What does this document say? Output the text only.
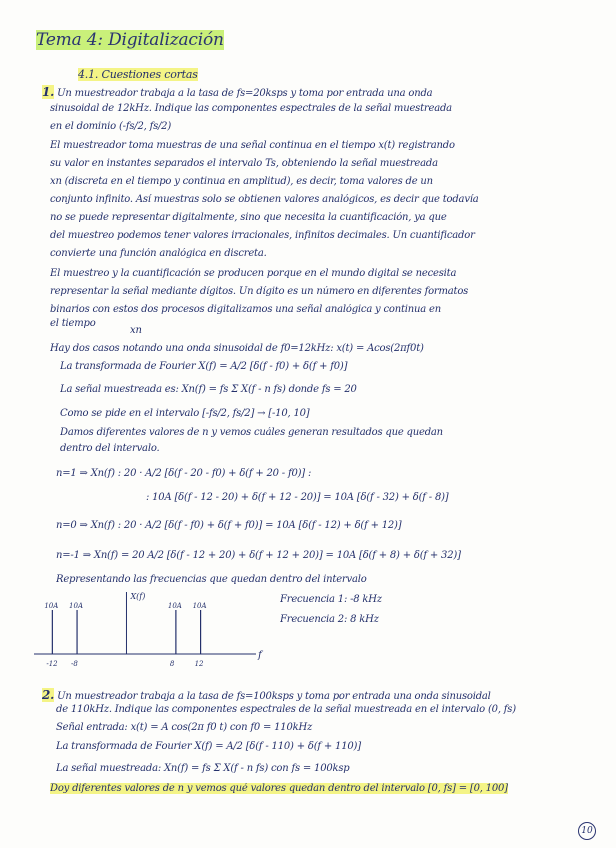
Tema 4: Digitalización
4.1. Cuestiones cortas
1. Un muestreador trabaja a la tasa de fs=20ksps y toma por entrada una onda
sinusoidal de 12kHz. Indique las componentes espectrales de la señal muestreada
en el dominio (-fs/2, fs/2)
El muestreador toma muestras de una señal continua en el tiempo x(t) registrando
su valor en instantes separados el intervalo Ts, obteniendo la señal muestreada
xn (discreta en el tiempo y continua en amplitud), es decir, toma valores de un
conjunto infinito. Así muestras solo se obtienen valores analógicos, es decir que todavía
no se puede representar digitalmente, sino que necesita la cuantificación, ya que
del muestreo podemos tener valores irracionales, infinitos decimales. Un cuantificador
convierte una función analógica en discreta.
El muestreo y la cuantificación se producen porque en el mundo digital se necesita
representar la señal mediante dígitos. Un dígito es un número en diferentes formatos
binarios con estos dos procesos digitalizamos una señal analógica y continua en
el tiempo
xn
Hay dos casos notando una onda sinusoidal de f0=12kHz: x(t) = Acos(2πf0t)
La transformada de Fourier X(f) = A/2 [δ(f - f0) + δ(f + f0)]
La señal muestreada es: Xn(f) = fs Σ X(f - n fs) donde fs = 20
Como se pide en el intervalo [-fs/2, fs/2] → [-10, 10]
Damos diferentes valores de n y vemos cuáles generan resultados que quedan
dentro del intervalo.
n=1 ⇒ Xn(f) : 20 · A/2 [δ(f - 20 - f0) + δ(f + 20 - f0)] :
: 10A [δ(f - 12 - 20) + δ(f + 12 - 20)] = 10A [δ(f - 32) + δ(f - 8)]
n=0 ⇒ Xn(f) : 20 · A/2 [δ(f - f0) + δ(f + f0)] = 10A [δ(f - 12) + δ(f + 12)]
n=-1 ⇒ Xn(f) = 20 A/2 [δ(f - 12 + 20) + δ(f + 12 + 20)] = 10A [δ(f + 8) + δ(f + 32)]
Representando las frecuencias que quedan dentro del intervalo
Frecuencia 1: -8 kHz
Frecuencia 2: 8 kHz
X(f)
f
10A
-12
10A
-8
10A
8
10A
12
2. Un muestreador trabaja a la tasa de fs=100ksps y toma por entrada una onda sinusoidal
de 110kHz. Indique las componentes espectrales de la señal muestreada en el intervalo (0, fs)
Señal entrada: x(t) = A cos(2π f0 t) con f0 = 110kHz
La transformada de Fourier X(f) = A/2 [δ(f - 110) + δ(f + 110)]
La señal muestreada: Xn(f) = fs Σ X(f - n fs) con fs = 100ksp
Doy diferentes valores de n y vemos qué valores quedan dentro del intervalo [0, fs] = [0, 100]
10
